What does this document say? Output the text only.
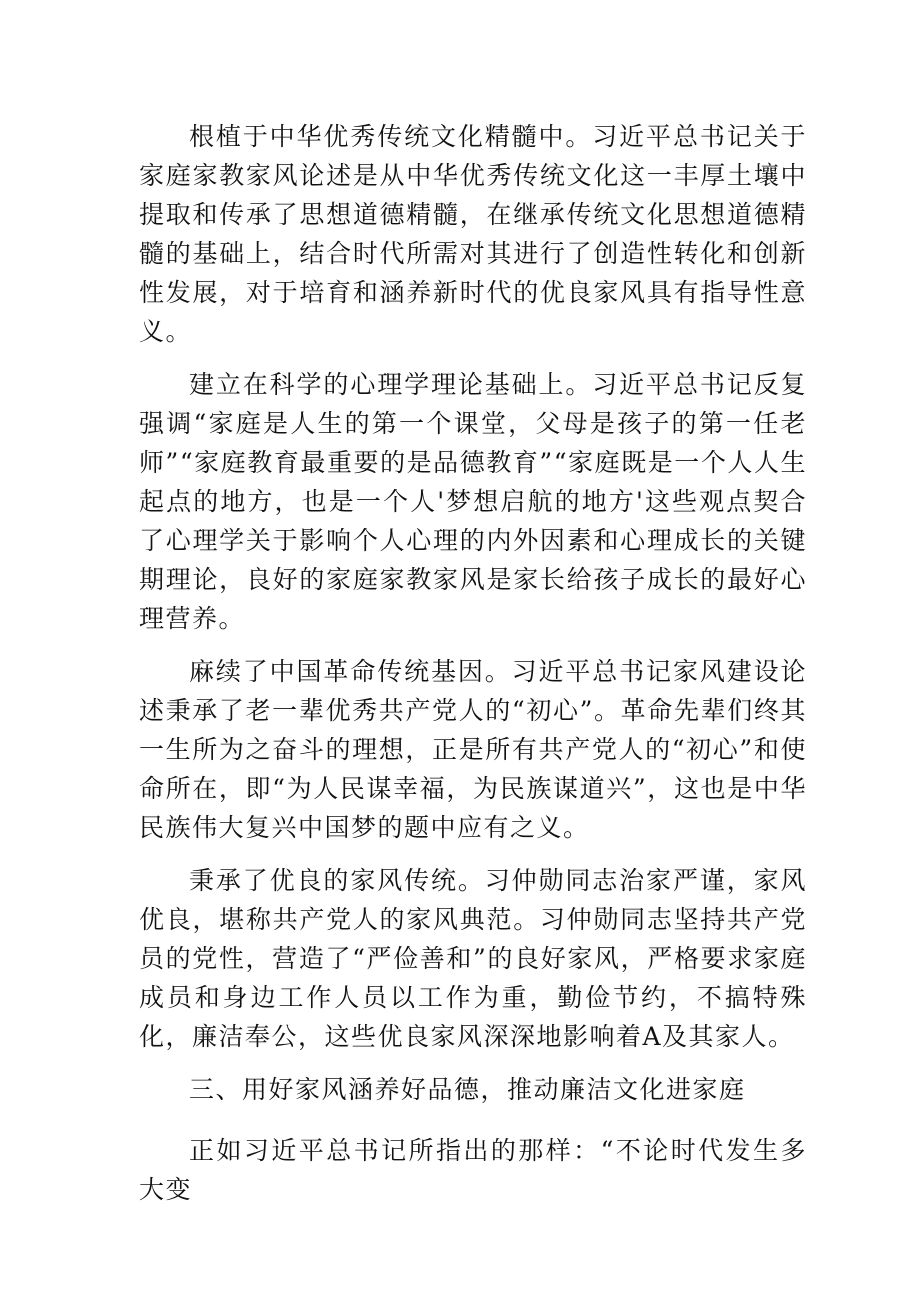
根植于中华优秀传统文化精髓中。习近平总书记关于家庭家教家风论述是从中华优秀传统文化这一丰厚土壤中提取和传承了思想道德精髓，在继承传统文化思想道德精髓的基础上，结合时代所需对其进行了创造性转化和创新性发展，对于培育和涵养新时代的优良家风具有指导性意义。

建立在科学的心理学理论基础上。习近平总书记反复强调“家庭是人生的第一个课堂，父母是孩子的第一任老师”“家庭教育最重要的是品德教育”“家庭既是一个人人生起点的地方，也是一个人'梦想启航的地方'这些观点契合了心理学关于影响个人心理的内外因素和心理成长的关键期理论，良好的家庭家教家风是家长给孩子成长的最好心理营养。

麻续了中国革命传统基因。习近平总书记家风建设论述秉承了老一辈优秀共产党人的“初心”。革命先辈们终其一生所为之奋斗的理想，正是所有共产党人的“初心”和使命所在，即“为人民谋幸福，为民族谋道兴”，这也是中华民族伟大复兴中国梦的题中应有之义。

秉承了优良的家风传统。习仲勋同志治家严谨，家风优良，堪称共产党人的家风典范。习仲勋同志坚持共产党员的党性，营造了“严俭善和”的良好家风，严格要求家庭成员和身边工作人员以工作为重，勤俭节约，不搞特殊化，廉洁奉公，这些优良家风深深地影响着A及其家人。

三、用好家风涵养好品德，推动廉洁文化进家庭

正如习近平总书记所指出的那样：“不论时代发生多大变
